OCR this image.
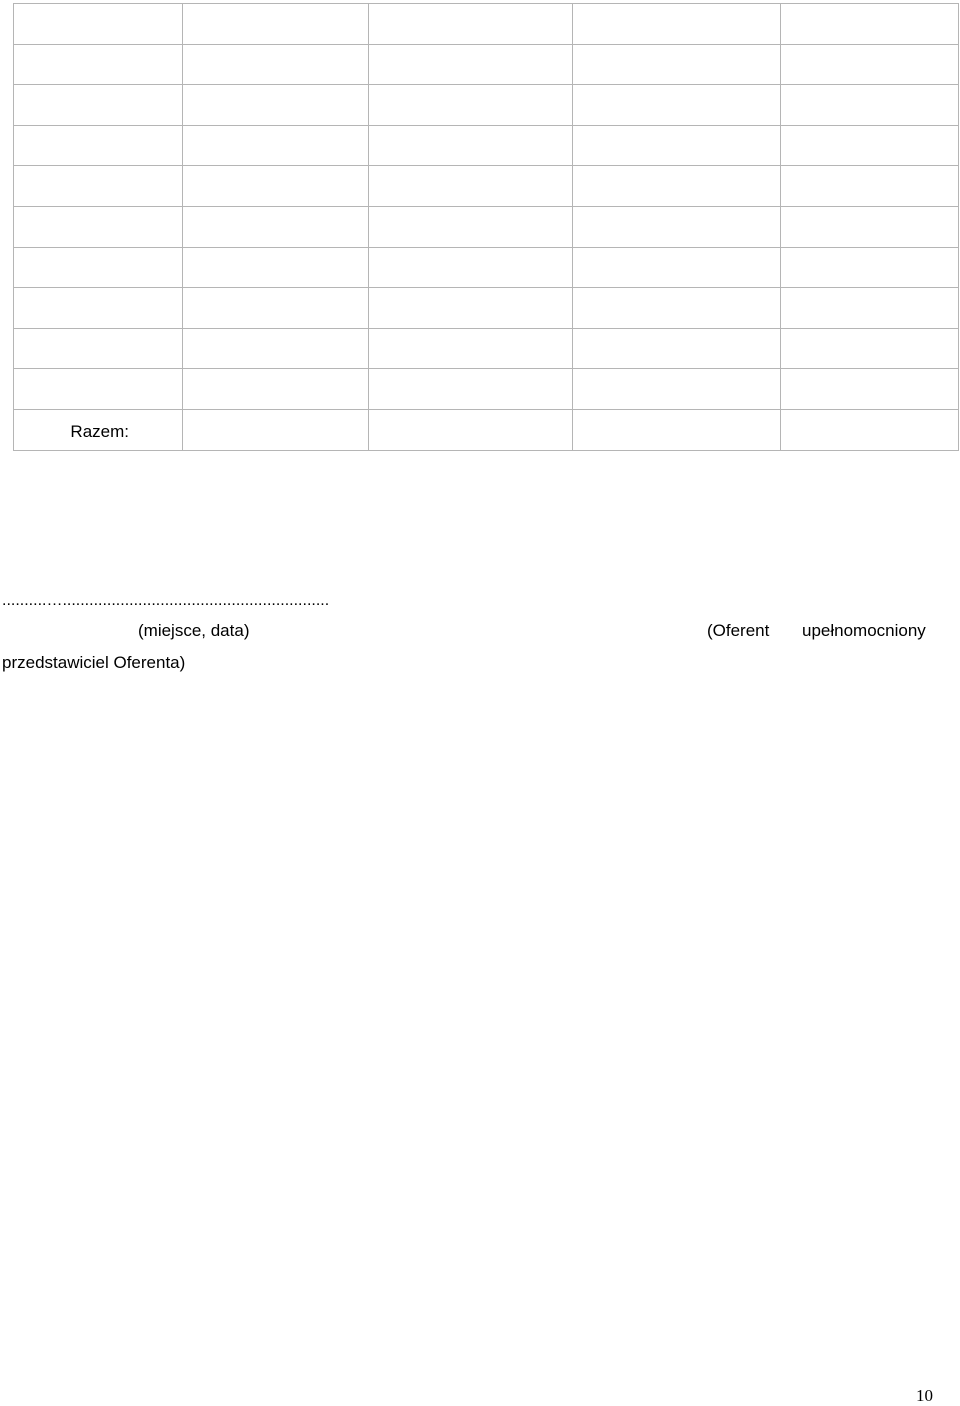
Razem:				
..........…............................................................
(miejsce, data)	(Oferent upełnomocniony
przedstawiciel Oferenta)
10
